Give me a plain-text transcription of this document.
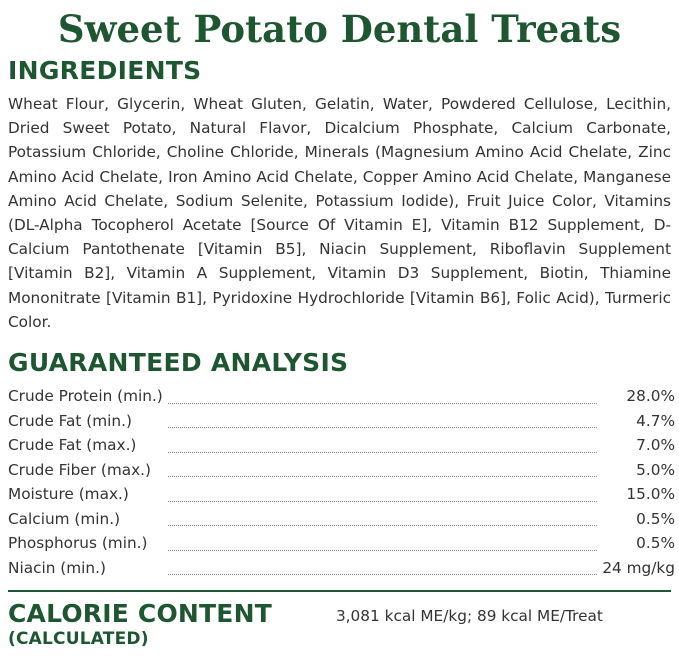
Sweet Potato Dental Treats
INGREDIENTS
Wheat Flour, Glycerin, Wheat Gluten, Gelatin, Water, Powdered Cellulose, Lecithin, Dried Sweet Potato, Natural Flavor, Dicalcium Phosphate, Calcium Carbonate, Potassium Chloride, Choline Chloride, Minerals (Magnesium Amino Acid Chelate, Zinc Amino Acid Chelate, Iron Amino Acid Chelate, Copper Amino Acid Chelate, Manganese Amino Acid Chelate, Sodium Selenite, Potassium Iodide), Fruit Juice Color, Vitamins (DL-Alpha Tocopherol Acetate [Source Of Vitamin E], Vitamin B12 Supplement, D-Calcium Pantothenate [Vitamin B5], Niacin Supplement, Riboflavin Supplement [Vitamin B2], Vitamin A Supplement, Vitamin D3 Supplement, Biotin, Thiamine Mononitrate [Vitamin B1], Pyridoxine Hydrochloride [Vitamin B6], Folic Acid), Turmeric Color.
GUARANTEED ANALYSIS
Crude Protein (min.)		28.0%
Crude Fat (min.)		4.7%
Crude Fat (max.)		7.0%
Crude Fiber (max.)		5.0%
Moisture (max.)		15.0%
Calcium (min.)		0.5%
Phosphorus (min.)		0.5%
Niacin (min.)		24 mg/kg
CALORIE CONTENT
(CALCULATED)
3,081 kcal ME/kg; 89 kcal ME/Treat
